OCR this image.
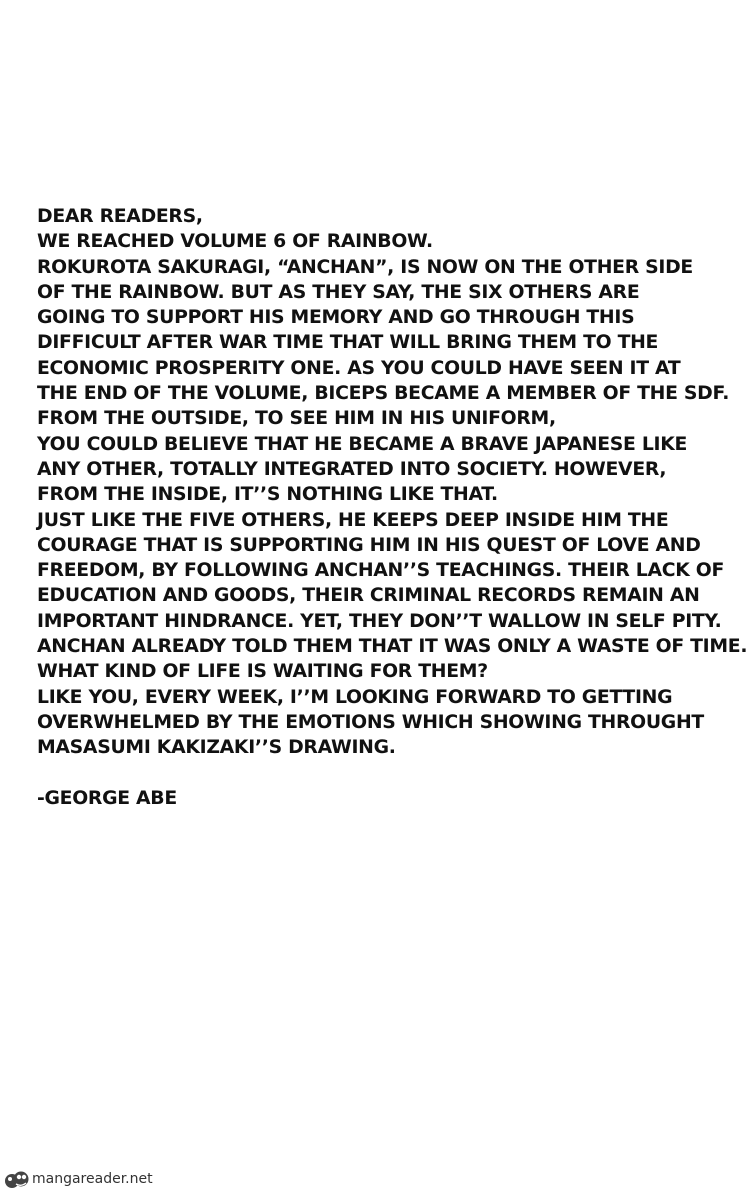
DEAR READERS,
WE REACHED VOLUME 6 OF RAINBOW.
ROKUROTA SAKURAGI, “ANCHAN”, IS NOW ON THE OTHER SIDE
OF THE RAINBOW. BUT AS THEY SAY, THE SIX OTHERS ARE
GOING TO SUPPORT HIS MEMORY AND GO THROUGH THIS
DIFFICULT AFTER WAR TIME THAT WILL BRING THEM TO THE
ECONOMIC PROSPERITY ONE. AS YOU COULD HAVE SEEN IT AT
THE END OF THE VOLUME, BICEPS BECAME A MEMBER OF THE SDF.
FROM THE OUTSIDE, TO SEE HIM IN HIS UNIFORM,
YOU COULD BELIEVE THAT HE BECAME A BRAVE JAPANESE LIKE
ANY OTHER, TOTALLY INTEGRATED INTO SOCIETY. HOWEVER,
FROM THE INSIDE, IT’’S NOTHING LIKE THAT.
JUST LIKE THE FIVE OTHERS, HE KEEPS DEEP INSIDE HIM THE
COURAGE THAT IS SUPPORTING HIM IN HIS QUEST OF LOVE AND
FREEDOM, BY FOLLOWING ANCHAN’’S TEACHINGS. THEIR LACK OF
EDUCATION AND GOODS, THEIR CRIMINAL RECORDS REMAIN AN
IMPORTANT HINDRANCE. YET, THEY DON’’T WALLOW IN SELF PITY.
ANCHAN ALREADY TOLD THEM THAT IT WAS ONLY A WASTE OF TIME.
WHAT KIND OF LIFE IS WAITING FOR THEM?
LIKE YOU, EVERY WEEK, I’’M LOOKING FORWARD TO GETTING
OVERWHELMED BY THE EMOTIONS WHICH SHOWING THROUGHT
MASASUMI KAKIZAKI’’S DRAWING.
-GEORGE ABE
mangareader.net
